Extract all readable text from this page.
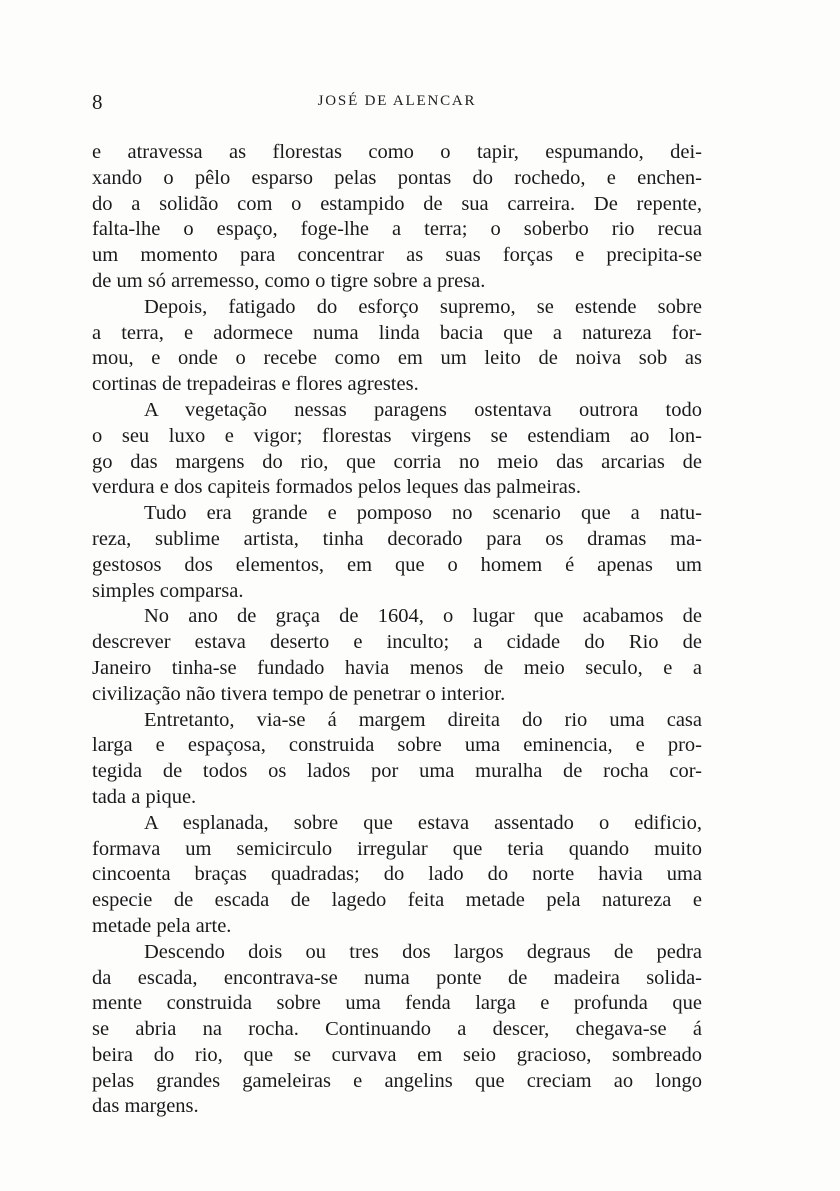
8	JOSÉ DE ALENCAR
e atravessa as florestas como o tapir, espumando, dei-
xando o pêlo esparso pelas pontas do rochedo, e enchen-
do a solidão com o estampido de sua carreira. De repente,
falta-lhe o espaço, foge-lhe a terra; o soberbo rio recua
um momento para concentrar as suas forças e precipita-se
de um só arremesso, como o tigre sobre a presa.
Depois, fatigado do esforço supremo, se estende sobre
a terra, e adormece numa linda bacia que a natureza for-
mou, e onde o recebe como em um leito de noiva sob as
cortinas de trepadeiras e flores agrestes.
A vegetação nessas paragens ostentava outrora todo
o seu luxo e vigor; florestas virgens se estendiam ao lon-
go das margens do rio, que corria no meio das arcarias de
verdura e dos capiteis formados pelos leques das palmeiras.
Tudo era grande e pomposo no scenario que a natu-
reza, sublime artista, tinha decorado para os dramas ma-
gestosos dos elementos, em que o homem é apenas um
simples comparsa.
No ano de graça de 1604, o lugar que acabamos de
descrever estava deserto e inculto; a cidade do Rio de
Janeiro tinha-se fundado havia menos de meio seculo, e a
civilização não tivera tempo de penetrar o interior.
Entretanto, via-se á margem direita do rio uma casa
larga e espaçosa, construida sobre uma eminencia, e pro-
tegida de todos os lados por uma muralha de rocha cor-
tada a pique.
A esplanada, sobre que estava assentado o edificio,
formava um semicirculo irregular que teria quando muito
cincoenta braças quadradas; do lado do norte havia uma
especie de escada de lagedo feita metade pela natureza e
metade pela arte.
Descendo dois ou tres dos largos degraus de pedra
da escada, encontrava-se numa ponte de madeira solida-
mente construida sobre uma fenda larga e profunda que
se abria na rocha. Continuando a descer, chegava-se á
beira do rio, que se curvava em seio gracioso, sombreado
pelas grandes gameleiras e angelins que creciam ao longo
das margens.
